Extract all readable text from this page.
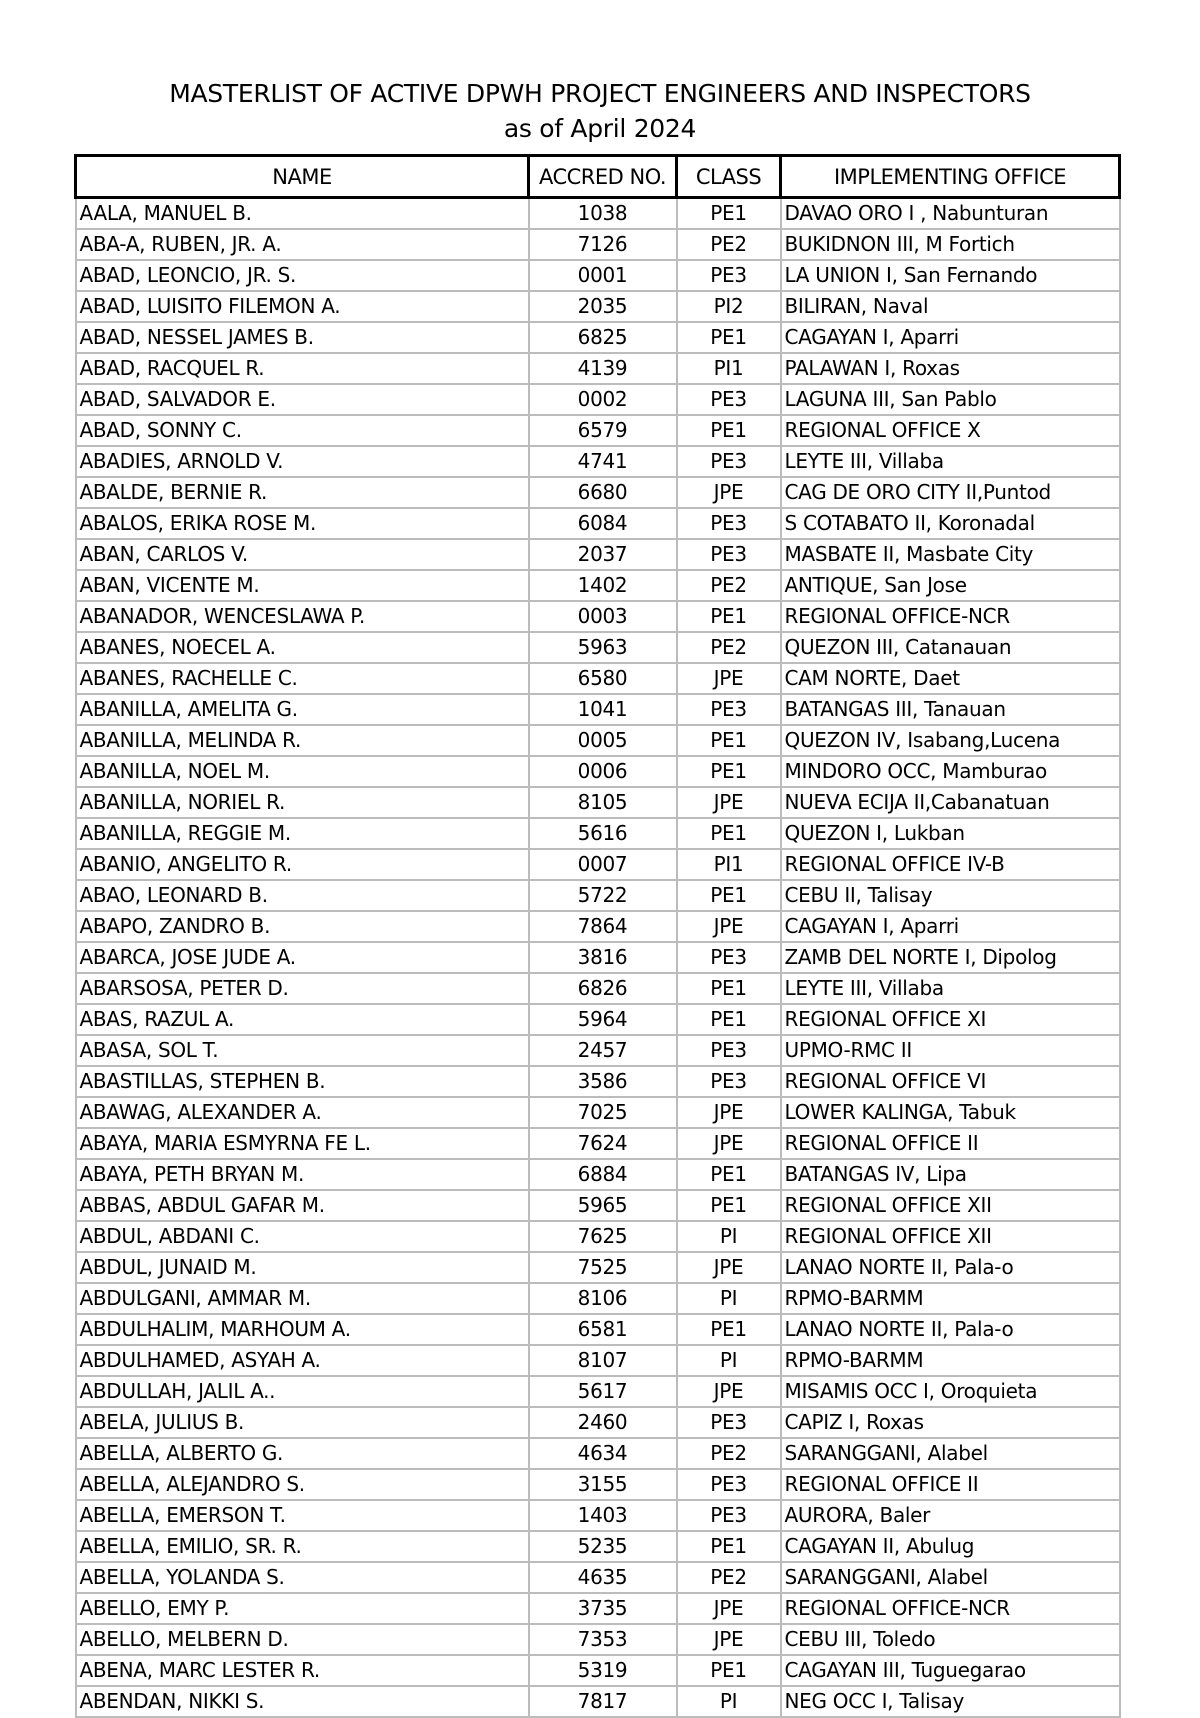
MASTERLIST OF ACTIVE DPWH PROJECT ENGINEERS AND INSPECTORS
as of April 2024
NAME	ACCRED NO.	CLASS	IMPLEMENTING OFFICE
AALA, MANUEL B.	1038	PE1	DAVAO ORO I , Nabunturan
ABA-A, RUBEN, JR. A.	7126	PE2	BUKIDNON III, M Fortich
ABAD, LEONCIO, JR. S.	0001	PE3	LA UNION I, San Fernando
ABAD, LUISITO FILEMON A.	2035	PI2	BILIRAN, Naval
ABAD, NESSEL JAMES B.	6825	PE1	CAGAYAN I, Aparri
ABAD, RACQUEL R.	4139	PI1	PALAWAN I, Roxas
ABAD, SALVADOR E.	0002	PE3	LAGUNA III, San Pablo
ABAD, SONNY C.	6579	PE1	REGIONAL OFFICE X
ABADIES, ARNOLD V.	4741	PE3	LEYTE III, Villaba
ABALDE, BERNIE R.	6680	JPE	CAG DE ORO CITY II,Puntod
ABALOS, ERIKA ROSE M.	6084	PE3	S COTABATO II, Koronadal
ABAN, CARLOS V.	2037	PE3	MASBATE II, Masbate City
ABAN, VICENTE M.	1402	PE2	ANTIQUE, San Jose
ABANADOR, WENCESLAWA P.	0003	PE1	REGIONAL OFFICE-NCR
ABANES, NOECEL A.	5963	PE2	QUEZON III, Catanauan
ABANES, RACHELLE C.	6580	JPE	CAM NORTE, Daet
ABANILLA, AMELITA G.	1041	PE3	BATANGAS III, Tanauan
ABANILLA, MELINDA R.	0005	PE1	QUEZON IV, Isabang,Lucena
ABANILLA, NOEL M.	0006	PE1	MINDORO OCC, Mamburao
ABANILLA, NORIEL R.	8105	JPE	NUEVA ECIJA II,Cabanatuan
ABANILLA, REGGIE M.	5616	PE1	QUEZON I, Lukban
ABANIO, ANGELITO R.	0007	PI1	REGIONAL OFFICE IV-B
ABAO, LEONARD B.	5722	PE1	CEBU II, Talisay
ABAPO, ZANDRO B.	7864	JPE	CAGAYAN I, Aparri
ABARCA, JOSE JUDE A.	3816	PE3	ZAMB DEL NORTE I, Dipolog
ABARSOSA, PETER D.	6826	PE1	LEYTE III, Villaba
ABAS, RAZUL A.	5964	PE1	REGIONAL OFFICE XI
ABASA, SOL T.	2457	PE3	UPMO-RMC II
ABASTILLAS, STEPHEN B.	3586	PE3	REGIONAL OFFICE VI
ABAWAG, ALEXANDER A.	7025	JPE	LOWER KALINGA, Tabuk
ABAYA, MARIA ESMYRNA FE L.	7624	JPE	REGIONAL OFFICE II
ABAYA, PETH BRYAN M.	6884	PE1	BATANGAS IV, Lipa
ABBAS, ABDUL GAFAR M.	5965	PE1	REGIONAL OFFICE XII
ABDUL, ABDANI C.	7625	PI	REGIONAL OFFICE XII
ABDUL, JUNAID M.	7525	JPE	LANAO NORTE II, Pala-o
ABDULGANI, AMMAR M.	8106	PI	RPMO-BARMM
ABDULHALIM, MARHOUM A.	6581	PE1	LANAO NORTE II, Pala-o
ABDULHAMED, ASYAH A.	8107	PI	RPMO-BARMM
ABDULLAH, JALIL A..	5617	JPE	MISAMIS OCC I, Oroquieta
ABELA, JULIUS B.	2460	PE3	CAPIZ I, Roxas
ABELLA, ALBERTO G.	4634	PE2	SARANGGANI, Alabel
ABELLA, ALEJANDRO S.	3155	PE3	REGIONAL OFFICE II
ABELLA, EMERSON T.	1403	PE3	AURORA, Baler
ABELLA, EMILIO, SR. R.	5235	PE1	CAGAYAN II, Abulug
ABELLA, YOLANDA S.	4635	PE2	SARANGGANI, Alabel
ABELLO, EMY P.	3735	JPE	REGIONAL OFFICE-NCR
ABELLO, MELBERN D.	7353	JPE	CEBU III, Toledo
ABENA, MARC LESTER R.	5319	PE1	CAGAYAN III, Tuguegarao
ABENDAN, NIKKI S.	7817	PI	NEG OCC I, Talisay
